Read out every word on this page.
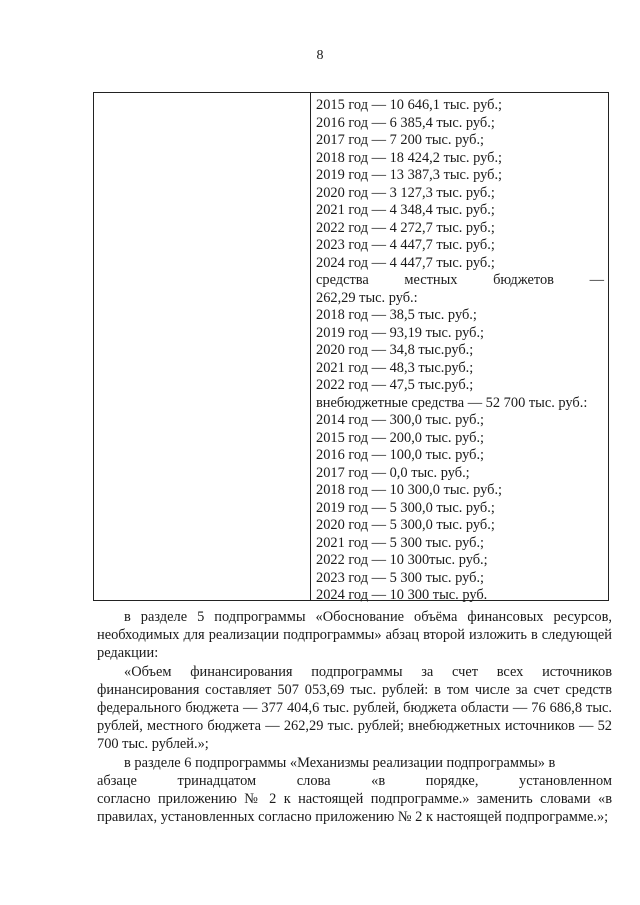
8
2015 год — 10 646,1 тыс. руб.;
2016 год — 6 385,4 тыс. руб.;
2017 год — 7 200 тыс. руб.;
2018 год — 18 424,2 тыс. руб.;
2019 год — 13 387,3 тыс. руб.;
2020 год — 3 127,3 тыс. руб.;
2021 год — 4 348,4 тыс. руб.;
2022 год — 4 272,7 тыс. руб.;
2023 год — 4 447,7 тыс. руб.;
2024 год — 4 447,7 тыс. руб.;
средства местных бюджетов —
262,29 тыс. руб.:
2018 год — 38,5 тыс. руб.;
2019 год — 93,19 тыс. руб.;
2020 год — 34,8 тыс.руб.;
2021 год — 48,3 тыс.руб.;
2022 год — 47,5 тыс.руб.;
внебюджетные средства — 52 700 тыс. руб.:
2014 год — 300,0 тыс. руб.;
2015 год — 200,0 тыс. руб.;
2016 год — 100,0 тыс. руб.;
2017 год — 0,0 тыс. руб.;
2018 год — 10 300,0 тыс. руб.;
2019 год — 5 300,0 тыс. руб.;
2020 год — 5 300,0 тыс. руб.;
2021 год — 5 300 тыс. руб.;
2022 год — 10 300тыс. руб.;
2023 год — 5 300 тыс. руб.;
2024 год — 10 300 тыс. руб.

в разделе 5 подпрограммы «Обоснование объёма финансовых ресурсов, необходимых для реализации подпрограммы» абзац второй изложить в следующей редакции:

«Объем финансирования подпрограммы за счет всех источников финансирования составляет 507 053,69 тыс. рублей: в том числе за счет средств федерального бюджета — 377 404,6 тыс. рублей, бюджета области — 76 686,8 тыс. рублей, местного бюджета — 262,29 тыс. рублей; внебюджетных источников — 52 700 тыс. рублей.»;

в разделе 6 подпрограммы «Механизмы реализации подпрограммы» в
абзаце	тринадцатом	слова	«в	порядке,	установленном

согласно приложению № 2 к настоящей подпрограмме.» заменить словами «в правилах, установленных согласно приложению № 2 к настоящей подпрограмме.»;
